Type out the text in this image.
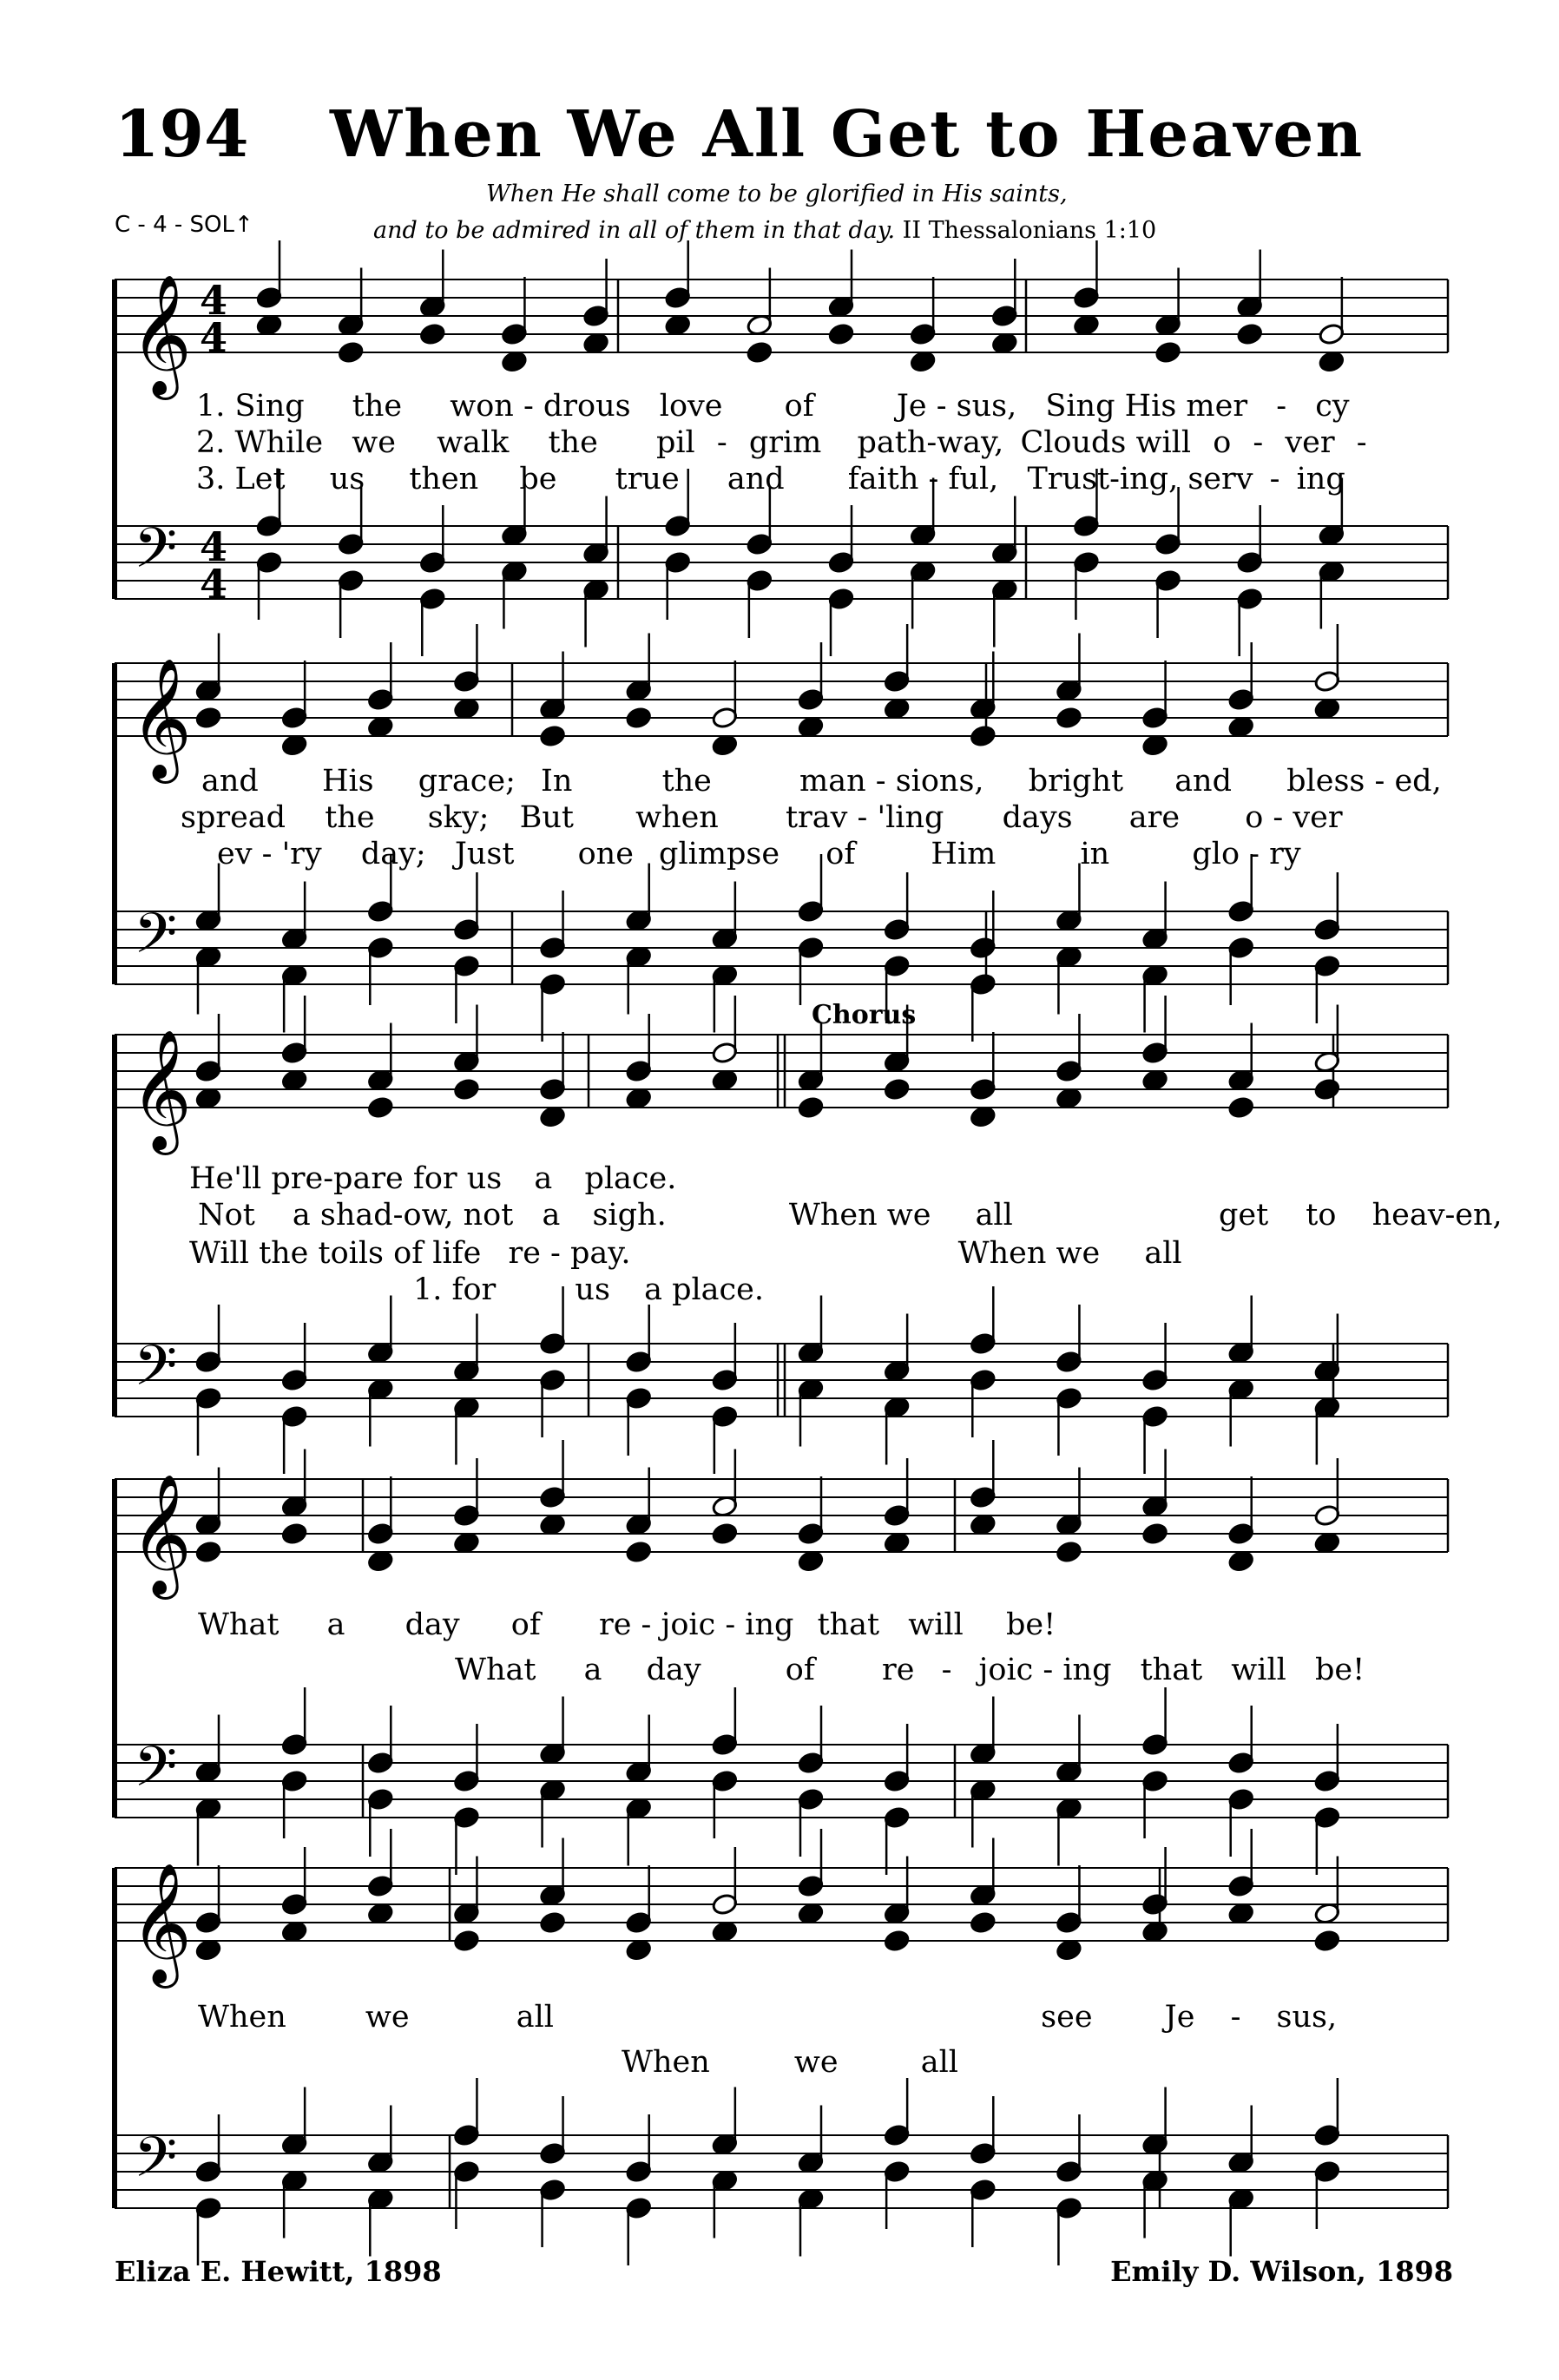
194 When We All Get to Heaven
C - 4 - SOL↑
When He shall come to be glorified in His saints,
and to be admired in all of them in that day. II Thessalonians 1:10
𝄞
𝄢
4
4
4
4
𝄞
𝄢
𝄞
𝄢
𝄞
𝄢
𝄞
𝄢
Chorus
1. Sing the won - drous love of	Je - sus, Sing His mer - cy
2. While we walk the pil - grim path-way, Clouds will o - ver -
3. Let us then be true and faith - ful, Trust-ing, serv - ing
and His grace; In	the	man - sions, bright and bless - ed,
spread the sky; But when trav - 'ling days are o - ver
ev - 'ry day; Just one glimpse of Him	in	glo - ry
He'll pre-pare for us a place.
Not a shad-ow, not a sigh.	When we all	get to heav-en,
Will the toils of life re - pay.	When we all
1. for	us a place.
What a day of re - joic - ing that will be!
What a day	of re - joic - ing that will be!
When	we	all	see Je - sus,
When	we	all
Eliza E. Hewitt, 1898	Emily D. Wilson, 1898
